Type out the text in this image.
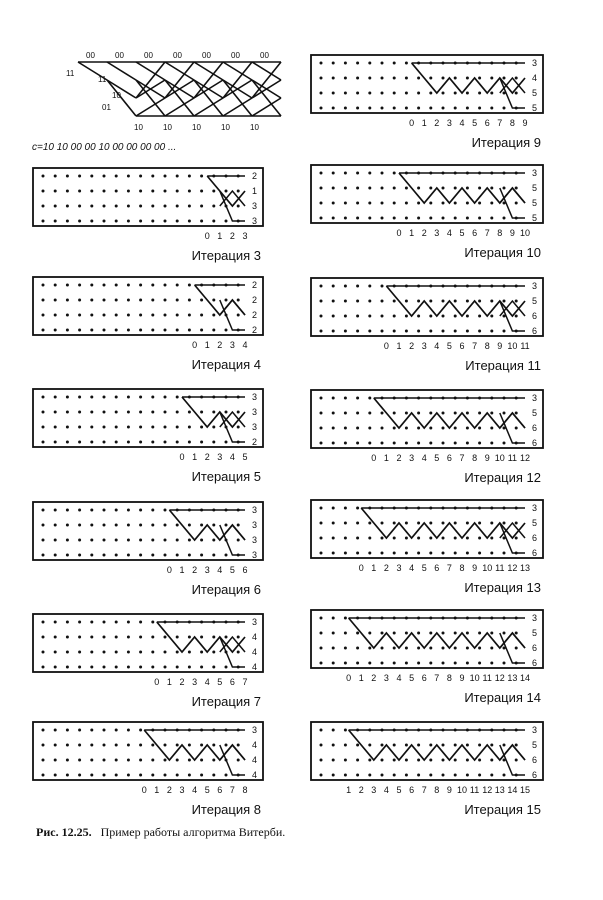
00	00	00	00	00	00	00
11
11
10
01
10	10	10	10	10
c=10 10 00 00 10 00 00 00 00 ...
2
1
3
3
0 1 2 3
Итерация 3
2
2
2
2
0 1 2 3 4
Итерация 4
3
3
3
2
0 1 2 3 4 5
Итерация 5
3
3
3
3
0 1 2 3 4 5 6
Итерация 6
3
4
4
4
0 1 2 3 4 5 6 7
Итерация 7
3
4
4
4
0 1 2 3 4 5 6 7 8
Итерация 8
3
4
5
5
0 1 2 3 4 5 6 7 8 9
Итерация 9
3
5
5
5
0 1 2 3 4 5 6 7 8 9 10
Итерация 10
3
5
6
6
0 1 2 3 4 5 6 7 8 9 10 11
Итерация 11
3
5
6
6
0 1 2 3 4 5 6 7 8 9 10 11 12
Итерация 12
3
5
6
6
0 1 2 3 4 5 6 7 8 9 10 11 12 13
Итерация 13
3
5
6
6
0 1 2 3 4 5 6 7 8 9 10 11 12 13 14
Итерация 14
3
5
6
6
1 2 3 4 5 6 7 8 9 10 11 12 13 14 15
Итерация 15
Рис. 12.25. Пример работы алгоритма Витерби.
